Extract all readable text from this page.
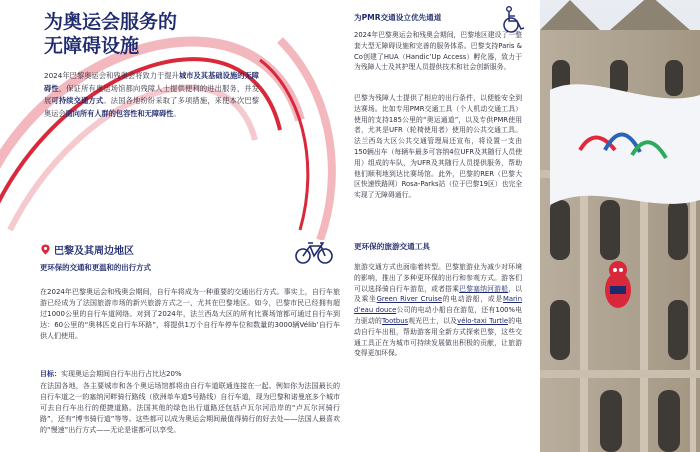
为奥运会服务的
无障碍设施
2024年巴黎奥运会和残奥会将致力于提升城市及其基础设施的无障碍性，保证所有奥运场馆都向残障人士提供便利的进出服务，并发展可持续交通方式。法国各地纷纷采取了多项措施，来使本次巴黎奥运会面向所有人群的包容性和无障碍性。
巴黎及其周边地区
更环保的交通和更温和的出行方式
在2024年巴黎奥运会和残奥会期间，自行车将成为一种重要的交通出行方式。事实上，自行车旅游已经成为了法国旅游市场的新兴旅游方式之一，尤其在巴黎地区。如今，巴黎市民已经拥有超过1000公里的自行车道网络。对到了2024年，法兰西岛大区的所有比赛场馆都可通过自行车到达：60公里的“奥林匹克自行车环路”，将提供1万个自行车停车位和数量的3000辆Vélib’自行车供人们使用。
目标：实现奥运会期间自行车出行占比达20%
在法国各地，各主要城市和各个奥运场馆都将由自行车道联通连接在一起。例如你为法国最长的自行车道之一的塞纳河畔骑行路线（欧洲单车道5号路线）自行车道，现为巴黎和诺曼底多个城市可去自行车出行的便捷道路。法国其他的绿色出行道路还包括卢瓦尔河沿岸的“卢瓦尔河骑行路”，还有“博韦骑行道”等等。这些都可以成为奥运会期间最值得骑行的好去处——法国人最喜欢的“慢速”出行方式——无论是谁都可以享受。
为PMR交通设立优先通道
2024年巴黎奥运会和残奥会期间，巴黎地区建设了一整套大型无障碍设施和完善的服务体系。巴黎支持Paris & Co创建了HUA（Handic’Up Access）孵化器，致力于为残障人士及其护理人员提供技术和社会创新服务。
巴黎为残障人士提供了相应的出行条件，以便能安全到达赛场。比如专用PMR交通工具（个人机动交通工具）使用的支持185公里的“奥运通道”，以及专供PMR使用者，尤其是UFR（轮椅使用者）使用的公共交通工具。法兰西岛大区公共交通管理局还宣布，将设置一支由150辆出车（每辆车最多可容纳4位UFR及其随行人员使用）组成的车队，为UFR及其随行人员提供服务，帮助他们顺利地到达比赛场馆。此外，巴黎的RER（巴黎大区快速铁路网）Rosa-Parks站（位于巴黎19区）也完全实现了无障碍通行。
更环保的旅游交通工具
旅游交通方式也面临着转型。巴黎旅游业为减少对环境的影响，推出了多种更环保的出行和参观方式。游客们可以选择骑自行车游览，或者搭乘巴黎塞纳河游船，以及乘坐Green River Cruise的电动游船，或是Marin d’eau douce公司的电动小船自在游览，还有100%电力驱动的Tootbus观光巴士，以及vélo-taxi Turtle的电动自行车出租，帮助游客用全新方式探索巴黎，这些交通工具正在为城市可持续发展做出积极的贡献，让旅游变得更加环保。
